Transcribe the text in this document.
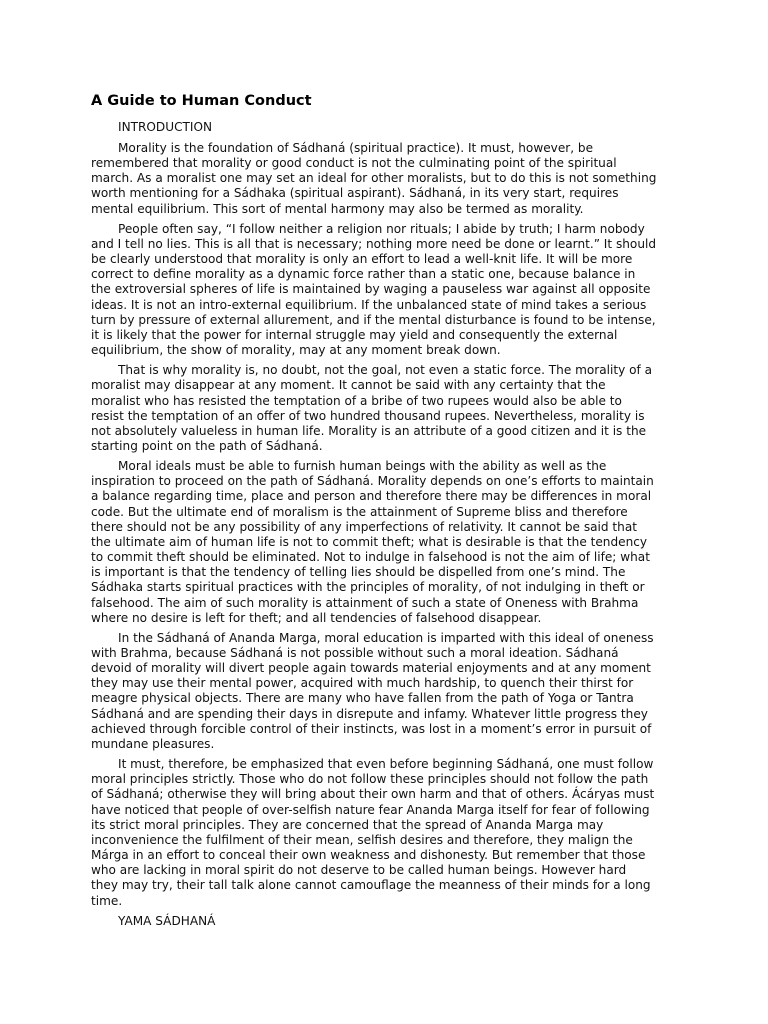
A Guide to Human Conduct
INTRODUCTION
Morality is the foundation of Sádhaná (spiritual practice). It must, however, be
remembered that morality or good conduct is not the culminating point of the spiritual
march. As a moralist one may set an ideal for other moralists, but to do this is not something
worth mentioning for a Sádhaka (spiritual aspirant). Sádhaná, in its very start, requires
mental equilibrium. This sort of mental harmony may also be termed as morality.
People often say, “I follow neither a religion nor rituals; I abide by truth; I harm nobody
and I tell no lies. This is all that is necessary; nothing more need be done or learnt.” It should
be clearly understood that morality is only an effort to lead a well-knit life. It will be more
correct to define morality as a dynamic force rather than a static one, because balance in
the extroversial spheres of life is maintained by waging a pauseless war against all opposite
ideas. It is not an intro-external equilibrium. If the unbalanced state of mind takes a serious
turn by pressure of external allurement, and if the mental disturbance is found to be intense,
it is likely that the power for internal struggle may yield and consequently the external
equilibrium, the show of morality, may at any moment break down.
That is why morality is, no doubt, not the goal, not even a static force. The morality of a
moralist may disappear at any moment. It cannot be said with any certainty that the
moralist who has resisted the temptation of a bribe of two rupees would also be able to
resist the temptation of an offer of two hundred thousand rupees. Nevertheless, morality is
not absolutely valueless in human life. Morality is an attribute of a good citizen and it is the
starting point on the path of Sádhaná.
Moral ideals must be able to furnish human beings with the ability as well as the
inspiration to proceed on the path of Sádhaná. Morality depends on one’s efforts to maintain
a balance regarding time, place and person and therefore there may be differences in moral
code. But the ultimate end of moralism is the attainment of Supreme bliss and therefore
there should not be any possibility of any imperfections of relativity. It cannot be said that
the ultimate aim of human life is not to commit theft; what is desirable is that the tendency
to commit theft should be eliminated. Not to indulge in falsehood is not the aim of life; what
is important is that the tendency of telling lies should be dispelled from one’s mind. The
Sádhaka starts spiritual practices with the principles of morality, of not indulging in theft or
falsehood. The aim of such morality is attainment of such a state of Oneness with Brahma
where no desire is left for theft; and all tendencies of falsehood disappear.
In the Sádhaná of Ananda Marga, moral education is imparted with this ideal of oneness
with Brahma, because Sádhaná is not possible without such a moral ideation. Sádhaná
devoid of morality will divert people again towards material enjoyments and at any moment
they may use their mental power, acquired with much hardship, to quench their thirst for
meagre physical objects. There are many who have fallen from the path of Yoga or Tantra
Sádhaná and are spending their days in disrepute and infamy. Whatever little progress they
achieved through forcible control of their instincts, was lost in a moment’s error in pursuit of
mundane pleasures.
It must, therefore, be emphasized that even before beginning Sádhaná, one must follow
moral principles strictly. Those who do not follow these principles should not follow the path
of Sádhaná; otherwise they will bring about their own harm and that of others. Ácáryas must
have noticed that people of over-selfish nature fear Ananda Marga itself for fear of following
its strict moral principles. They are concerned that the spread of Ananda Marga may
inconvenience the fulfilment of their mean, selfish desires and therefore, they malign the
Márga in an effort to conceal their own weakness and dishonesty. But remember that those
who are lacking in moral spirit do not deserve to be called human beings. However hard
they may try, their tall talk alone cannot camouflage the meanness of their minds for a long
time.
YAMA SÁDHANÁ
